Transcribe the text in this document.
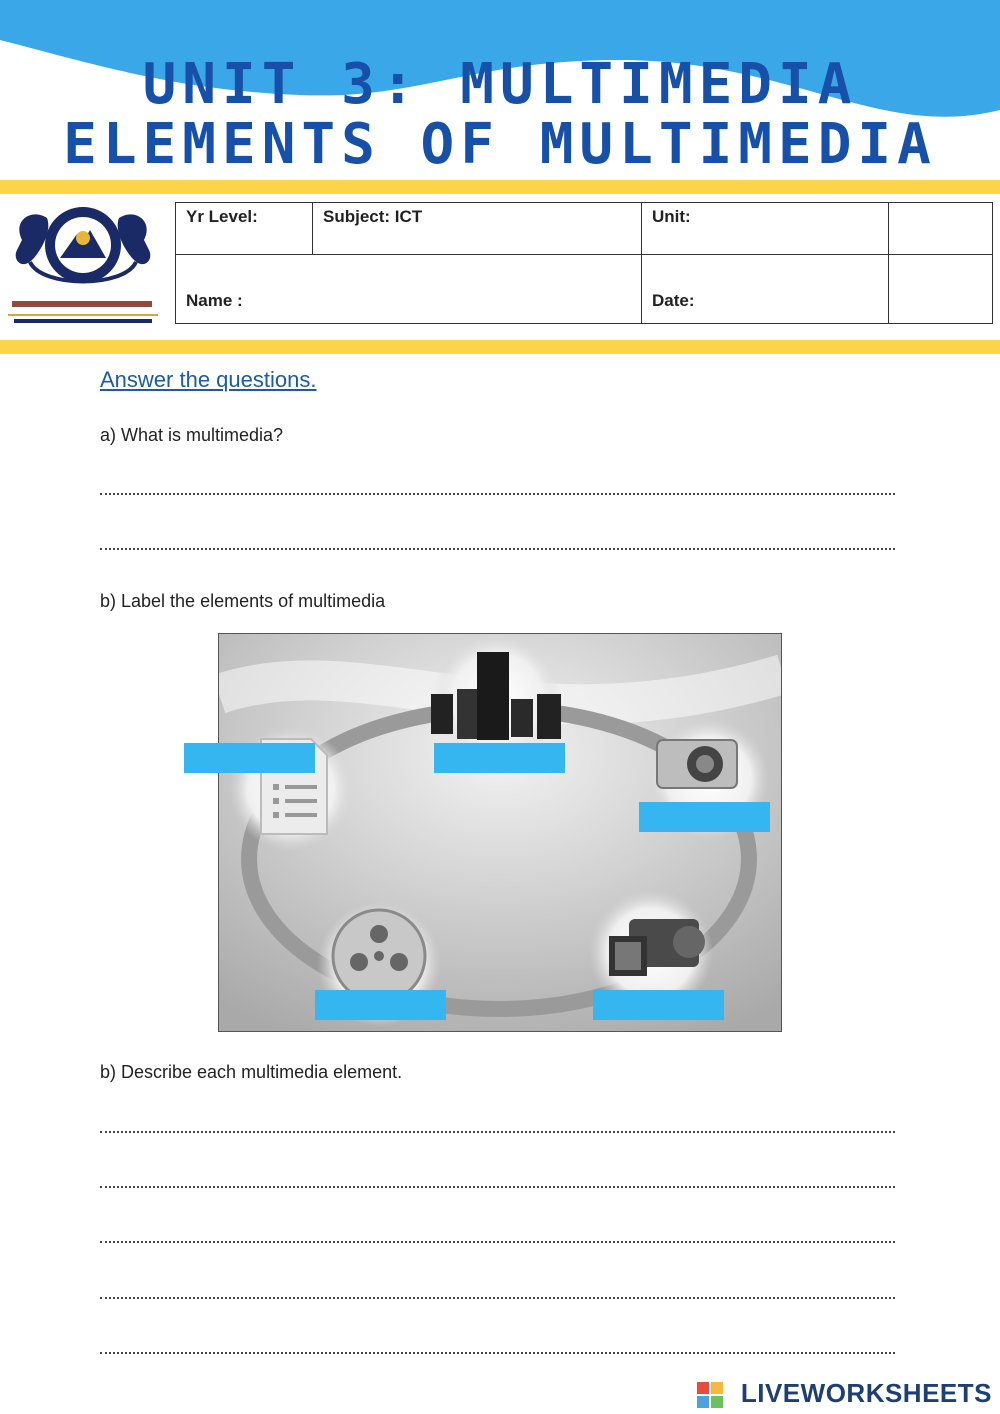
UNIT 3: MULTIMEDIA
ELEMENTS OF MULTIMEDIA
Yr Level:	Subject: ICT	Unit:	
Name :		Date:	
Answer the questions.
a) What is multimedia?
b) Label the elements of multimedia
b) Describe each multimedia element.
LIVEWORKSHEETS
